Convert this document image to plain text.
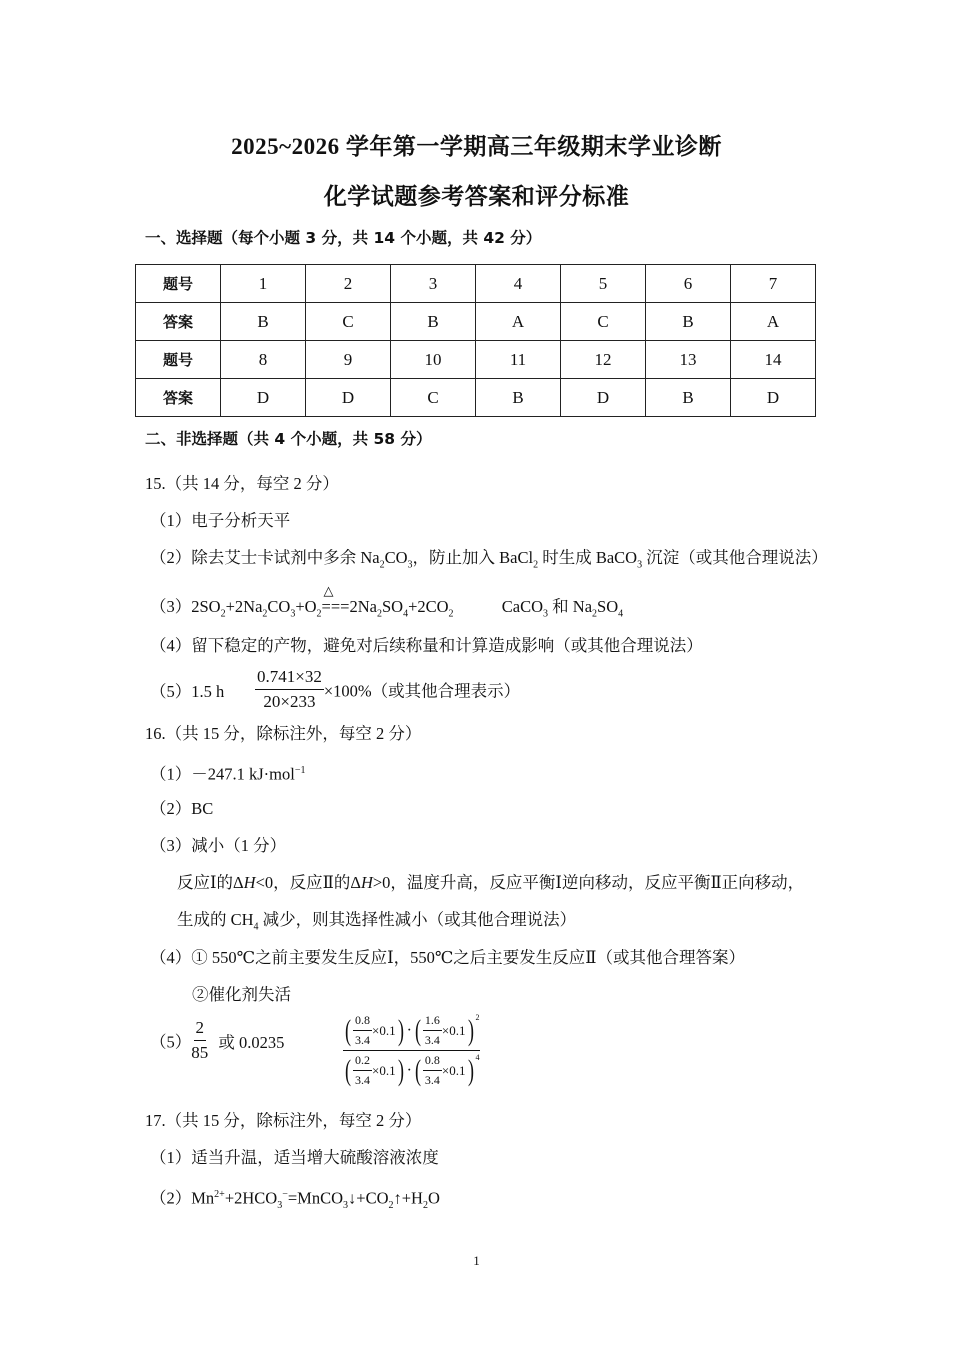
2025~2026 学年第一学期高三年级期末学业诊断
化学试题参考答案和评分标准
一、选择题（每个小题 3 分，共 14 个小题，共 42 分）
题号	1	2	3	4	5	6	7
答案	B	C	B	A	C	B	A
题号	8	9	10	11	12	13	14
答案	D	D	C	B	D	B	D
二、非选择题（共 4 个小题，共 58 分）
15.（共 14 分，每空 2 分）
（1）电子分析天平
（2）除去艾士卡试剂中多余 $Na_2CO_3$，防止加入 BaCl$_2$ 时生成 BaCO$_3$ 沉淀（或其他合理说法）
$(3)2SO_2+2Na_2CO_3+O_2$
△
$===2Na_2SO_4+2CO_2$	CaCO$_3$ 和 $Na_2SO_4$
（4）留下稳定的产物，避免对后续称量和计算造成影响（或其他合理说法）
（5）1.5 h $\frac{0.741\times 32}{20\times 233} \times 100\%$（或其他合理表示）
16.（共 15 分，除标注外，每空 2 分）
（1）－247.1 kJ·mol$^{-1}$
（2）BC
（3）减小（1 分）
反应Ⅰ的ΔH<0，反应Ⅱ的ΔH>0，温度升高，反应平衡Ⅰ逆向移动，反应平衡Ⅱ正向移动，
生成的 $CH_4$ 减少，则其选择性减小（或其他合理说法）
（4）① 550℃之前主要发生反应Ⅰ，550℃之后主要发生反应Ⅱ（或其他合理答案）
②催化剂失活
$(5) \frac{2}{85}$ 或 0.0235 ( $\frac{0.8}{3.4} \times 0.1$ ) · ( $\frac{1.6}{3.4} \times 0.1$ ) $^2$
( $\frac{0.2}{3.4} \times 0.1$ ) · ( $\frac{0.8}{3.4} \times 0.1$ ) $^4$
17.（共 15 分，除标注外，每空 2 分）
（1）适当升温，适当增大硫酸溶液浓度
$(2)Mn^{2+}+2HCO_3^-=MnCO_3↓+CO_2↑+H_2O$
1
